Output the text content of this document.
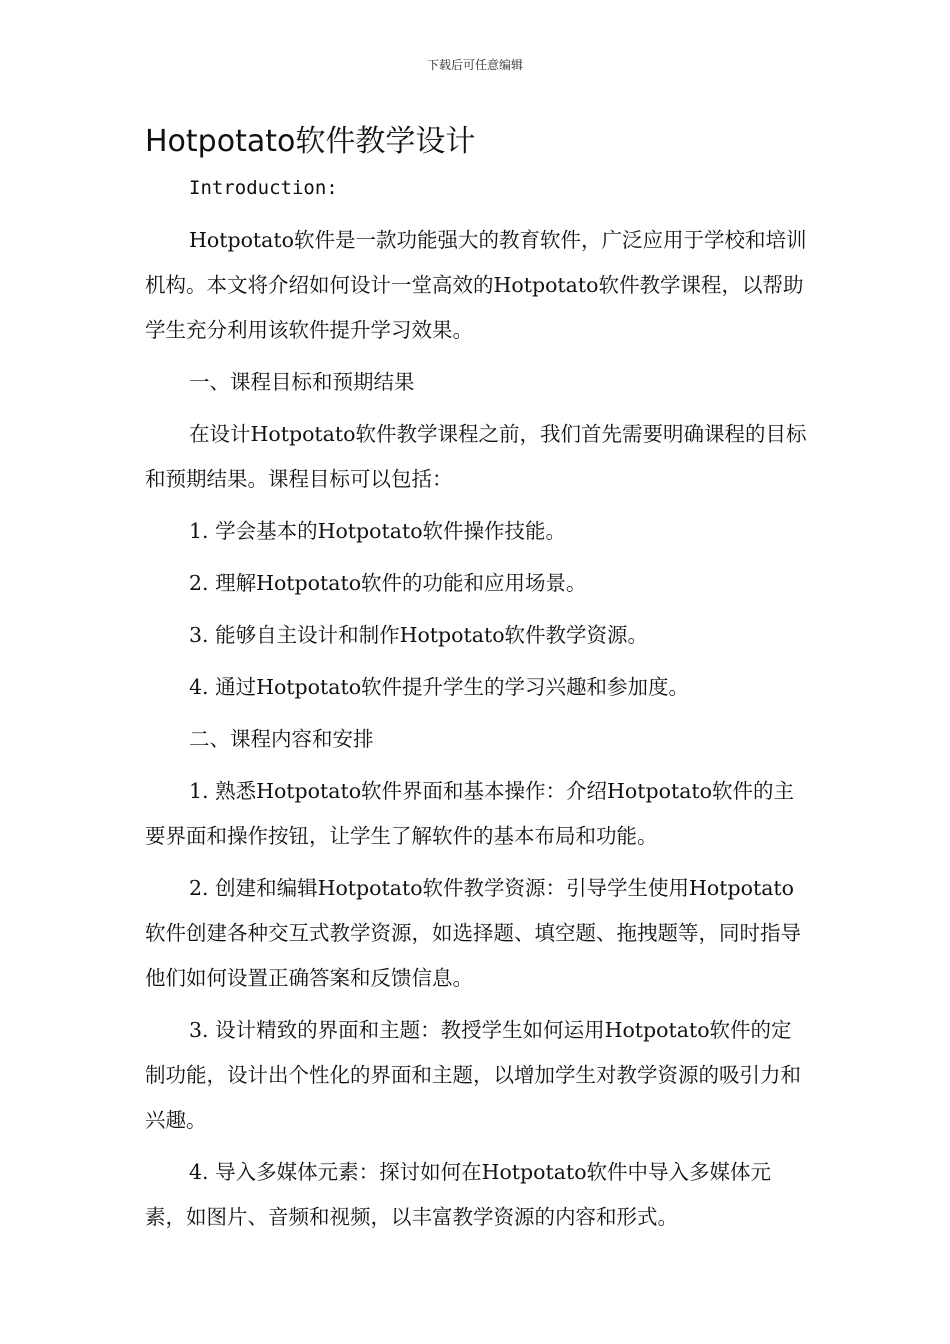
下载后可任意编辑
Hotpotato软件教学设计

Introduction:

Hotpotato软件是一款功能强大的教育软件，广泛应用于学校和培训机构。本文将介绍如何设计一堂高效的Hotpotato软件教学课程，以帮助学生充分利用该软件提升学习效果。

一、课程目标和预期结果

在设计Hotpotato软件教学课程之前，我们首先需要明确课程的目标和预期结果。课程目标可以包括：

1. 学会基本的Hotpotato软件操作技能。

2. 理解Hotpotato软件的功能和应用场景。

3. 能够自主设计和制作Hotpotato软件教学资源。

4. 通过Hotpotato软件提升学生的学习兴趣和参加度。

二、课程内容和安排

1. 熟悉Hotpotato软件界面和基本操作：介绍Hotpotato软件的主要界面和操作按钮，让学生了解软件的基本布局和功能。

2. 创建和编辑Hotpotato软件教学资源：引导学生使用Hotpotato软件创建各种交互式教学资源，如选择题、填空题、拖拽题等，同时指导他们如何设置正确答案和反馈信息。

3. 设计精致的界面和主题：教授学生如何运用Hotpotato软件的定制功能，设计出个性化的界面和主题，以增加学生对教学资源的吸引力和兴趣。

4. 导入多媒体元素：探讨如何在Hotpotato软件中导入多媒体元素，如图片、音频和视频，以丰富教学资源的内容和形式。
